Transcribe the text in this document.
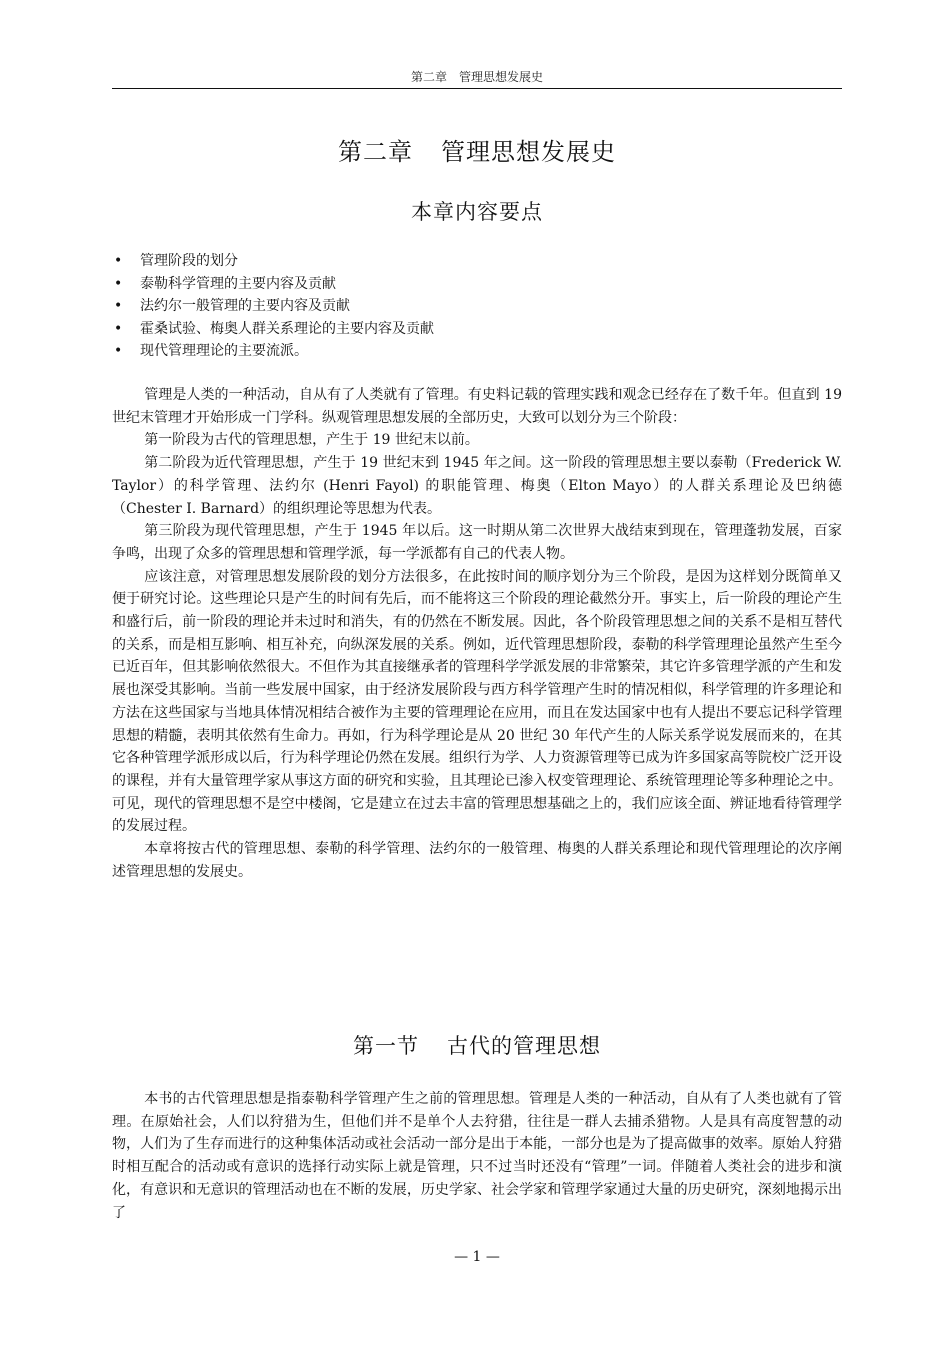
第二章　管理思想发展史
第二章 管理思想发展史
本章内容要点
• 管理阶段的划分
• 泰勒科学管理的主要内容及贡献
• 法约尔一般管理的主要内容及贡献
• 霍桑试验、梅奥人群关系理论的主要内容及贡献
• 现代管理理论的主要流派。

管理是人类的一种活动，自从有了人类就有了管理。有史料记载的管理实践和观念已经存在了数千年。但直到 19 世纪末管理才开始形成一门学科。纵观管理思想发展的全部历史，大致可以划分为三个阶段：

第一阶段为古代的管理思想，产生于 19 世纪末以前。

第二阶段为近代管理思想，产生于 19 世纪末到 1945 年之间。这一阶段的管理思想主要以泰勒（Frederick W. Taylor）的科学管理、法约尔 (Henri Fayol) 的职能管理、梅奥（Elton Mayo）的人群关系理论及巴纳德（Chester I. Barnard）的组织理论等思想为代表。

第三阶段为现代管理思想，产生于 1945 年以后。这一时期从第二次世界大战结束到现在，管理蓬勃发展，百家争鸣，出现了众多的管理思想和管理学派，每一学派都有自己的代表人物。

应该注意，对管理思想发展阶段的划分方法很多，在此按时间的顺序划分为三个阶段，是因为这样划分既简单又便于研究讨论。这些理论只是产生的时间有先后，而不能将这三个阶段的理论截然分开。事实上，后一阶段的理论产生和盛行后，前一阶段的理论并未过时和消失，有的仍然在不断发展。因此，各个阶段管理思想之间的关系不是相互替代的关系，而是相互影响、相互补充，向纵深发展的关系。例如，近代管理思想阶段，泰勒的科学管理理论虽然产生至今已近百年，但其影响依然很大。不但作为其直接继承者的管理科学学派发展的非常繁荣，其它许多管理学派的产生和发展也深受其影响。当前一些发展中国家，由于经济发展阶段与西方科学管理产生时的情况相似，科学管理的许多理论和方法在这些国家与当地具体情况相结合被作为主要的管理理论在应用，而且在发达国家中也有人提出不要忘记科学管理思想的精髓，表明其依然有生命力。再如，行为科学理论是从 20 世纪 30 年代产生的人际关系学说发展而来的，在其它各种管理学派形成以后，行为科学理论仍然在发展。组织行为学、人力资源管理等已成为许多国家高等院校广泛开设的课程，并有大量管理学家从事这方面的研究和实验，且其理论已渗入权变管理理论、系统管理理论等多种理论之中。可见，现代的管理思想不是空中楼阁，它是建立在过去丰富的管理思想基础之上的，我们应该全面、辨证地看待管理学的发展过程。

本章将按古代的管理思想、泰勒的科学管理、法约尔的一般管理、梅奥的人群关系理论和现代管理理论的次序阐述管理思想的发展史。

第一节 古代的管理思想

本书的古代管理思想是指泰勒科学管理产生之前的管理思想。管理是人类的一种活动，自从有了人类也就有了管理。在原始社会，人们以狩猎为生，但他们并不是单个人去狩猎，往往是一群人去捕杀猎物。人是具有高度智慧的动物，人们为了生存而进行的这种集体活动或社会活动一部分是出于本能，一部分也是为了提高做事的效率。原始人狩猎时相互配合的活动或有意识的选择行动实际上就是管理，只不过当时还没有“管理”一词。伴随着人类社会的进步和演化，有意识和无意识的管理活动也在不断的发展，历史学家、社会学家和管理学家通过大量的历史研究，深刻地揭示出了

— 1 —
